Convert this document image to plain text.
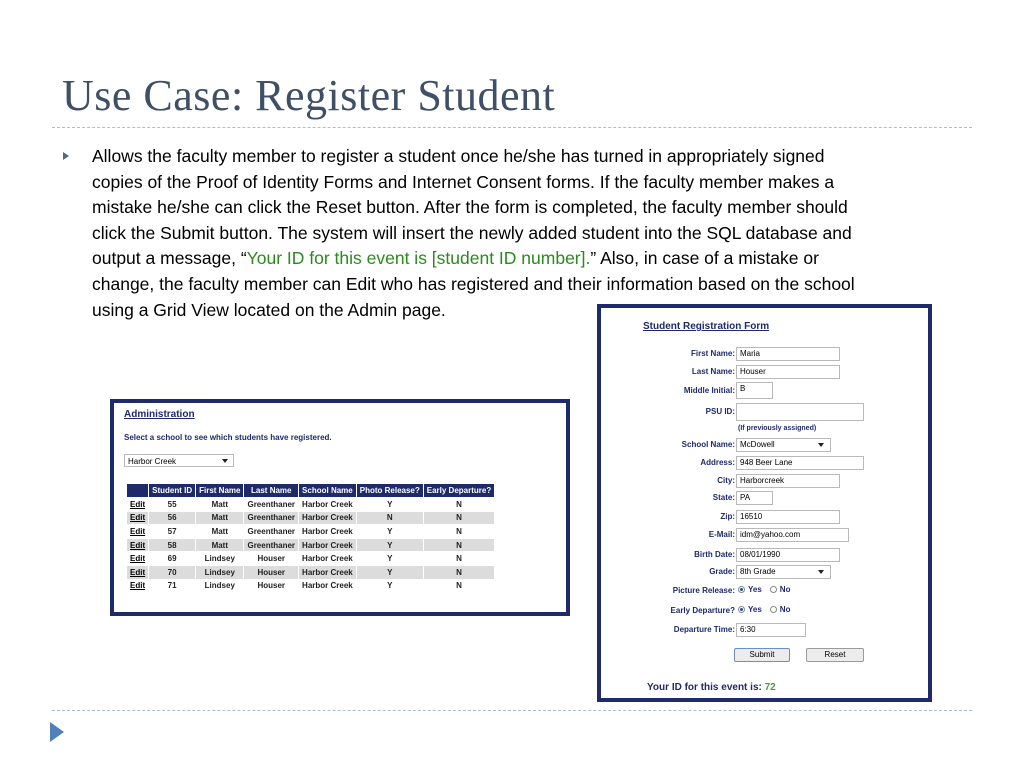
Use Case: Register Student
Allows the faculty member to register a student once he/she has turned in appropriately signed
copies of the Proof of Identity Forms and Internet Consent forms. If the faculty member makes a
mistake he/she can click the Reset button. After the form is completed, the faculty member should
click the Submit button. The system will insert the newly added student into the SQL database and
output a message, “Your ID for this event is [student ID number].” Also, in case of a mistake or
change, the faculty member can Edit who has registered and their information based on the school
using a Grid View located on the Admin page.
Administration
Select a school to see which students have registered.
Harbor Creek
	Student ID	First Name	Last Name	School Name	Photo Release?	Early Departure?
Edit	55	Matt	Greenthaner	Harbor Creek	Y	N
Edit	56	Matt	Greenthaner	Harbor Creek	N	N
Edit	57	Matt	Greenthaner	Harbor Creek	Y	N
Edit	58	Matt	Greenthaner	Harbor Creek	Y	N
Edit	69	Lindsey	Houser	Harbor Creek	Y	N
Edit	70	Lindsey	Houser	Harbor Creek	Y	N
Edit	71	Lindsey	Houser	Harbor Creek	Y	N
Student Registration Form
First Name: Maria
Last Name: Houser
Middle Initial: B
PSU ID:
(If previously assigned)
School Name: McDowell
Address: 948 Beer Lane
City: Harborcreek
State: PA
Zip: 16510
E-Mail: idm@yahoo.com
Birth Date: 08/01/1990
Grade: 8th Grade
Picture Release: Yes No
Early Departure? Yes No
Departure Time: 6:30
Submit	Reset
Your ID for this event is: 72
